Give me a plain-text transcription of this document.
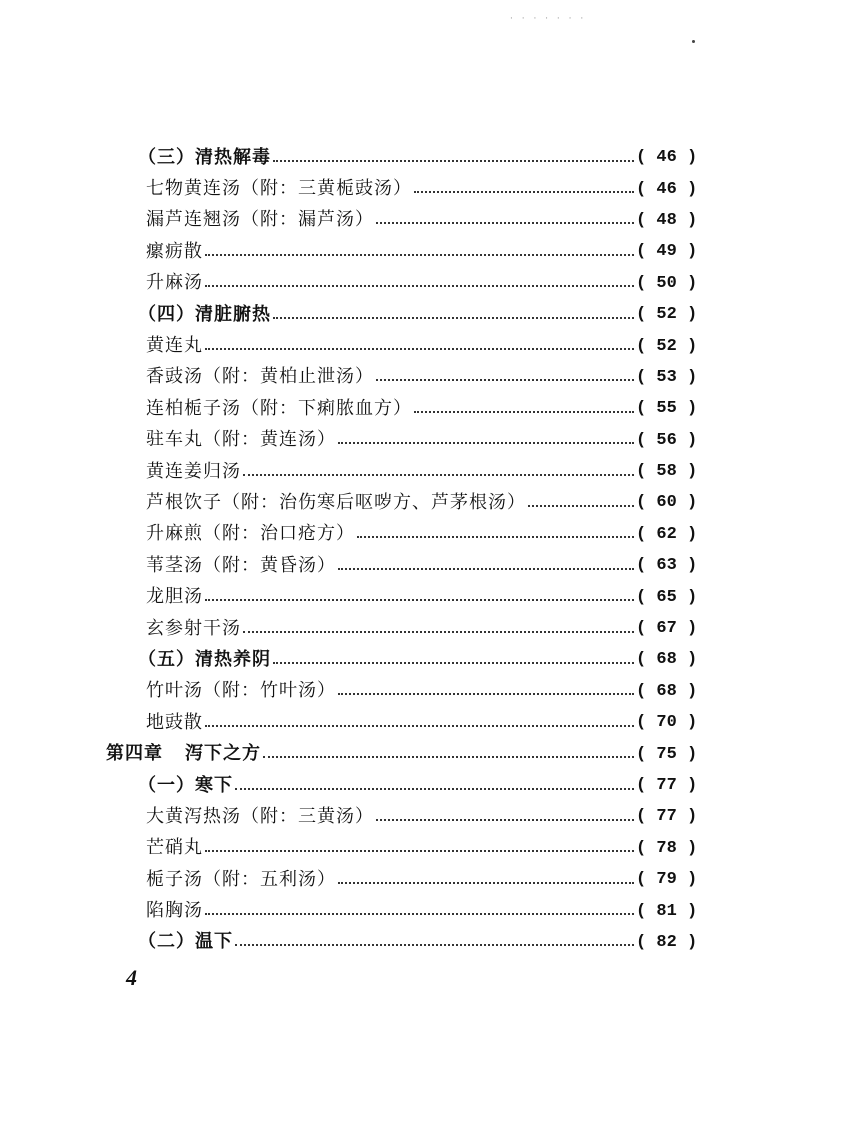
· · · · · · ·
（三）清热解毒	( 46 )
七物黄连汤（附：三黄栀豉汤）	( 46 )
漏芦连翘汤（附：漏芦汤）	( 48 )
瘰疬散	( 49 )
升麻汤	( 50 )
（四）清脏腑热	( 52 )
黄连丸	( 52 )
香豉汤（附：黄柏止泄汤）	( 53 )
连柏栀子汤（附：下痢脓血方）	( 55 )
驻车丸（附：黄连汤）	( 56 )
黄连姜归汤	( 58 )
芦根饮子（附：治伤寒后呕哕方、芦茅根汤）	( 60 )
升麻煎（附：治口疮方）	( 62 )
苇茎汤（附：黄昏汤）	( 63 )
龙胆汤	( 65 )
玄参射干汤	( 67 )
（五）清热养阴	( 68 )
竹叶汤（附：竹叶汤）	( 68 )
地豉散	( 70 )
第四章 泻下之方	( 75 )
（一）寒下	( 77 )
大黄泻热汤（附：三黄汤）	( 77 )
芒硝丸	( 78 )
栀子汤（附：五利汤）	( 79 )
陷胸汤	( 81 )
（二）温下	( 82 )
4
